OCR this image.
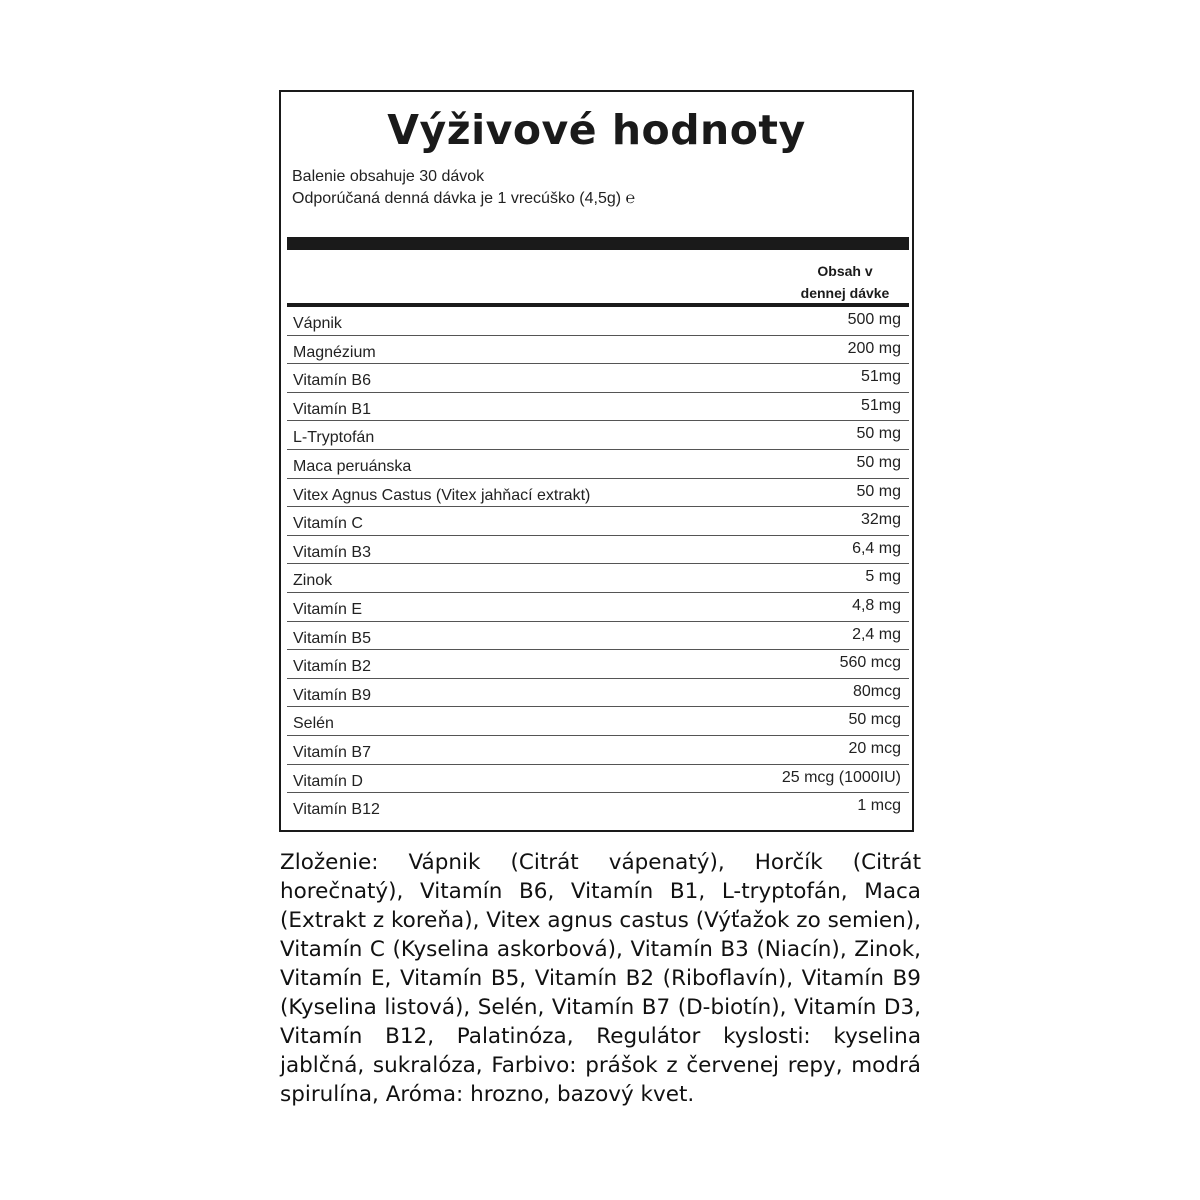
Výživové hodnoty
Balenie obsahuje 30 dávok
Odporúčaná denná dávka je 1 vrecúško (4,5g) ℮
Obsah v
dennej dávke
Vápnik	500 mg
Magnézium	200 mg
Vitamín B6	51mg
Vitamín B1	51mg
L-Tryptofán	50 mg
Maca peruánska	50 mg
Vitex Agnus Castus (Vitex jahňací extrakt)	50 mg
Vitamín C	32mg
Vitamín B3	6,4 mg
Zinok	5 mg
Vitamín E	4,8 mg
Vitamín B5	2,4 mg
Vitamín B2	560 mcg
Vitamín B9	80mcg
Selén	50 mcg
Vitamín B7	20 mcg
Vitamín D	25 mcg (1000IU)
Vitamín B12	1 mcg

Zloženie: Vápnik (Citrát vápenatý), Horčík (Citrát horečnatý), Vitamín B6, Vitamín B1, L-tryptofán, Maca (Extrakt z koreňa), Vitex agnus castus (Výťažok zo semien), Vitamín C (Kyselina askorbová), Vitamín B3 (Niacín), Zinok, Vitamín E, Vitamín B5, Vitamín B2 (Riboflavín), Vitamín B9 (Kyselina listová), Selén, Vitamín B7 (D-biotín), Vitamín D3, Vitamín B12, Palatinóza, Regulátor kyslosti: kyselina jablčná, sukralóza, Farbivo: prášok z červenej repy, modrá spirulína, Aróma: hrozno, bazový kvet.
